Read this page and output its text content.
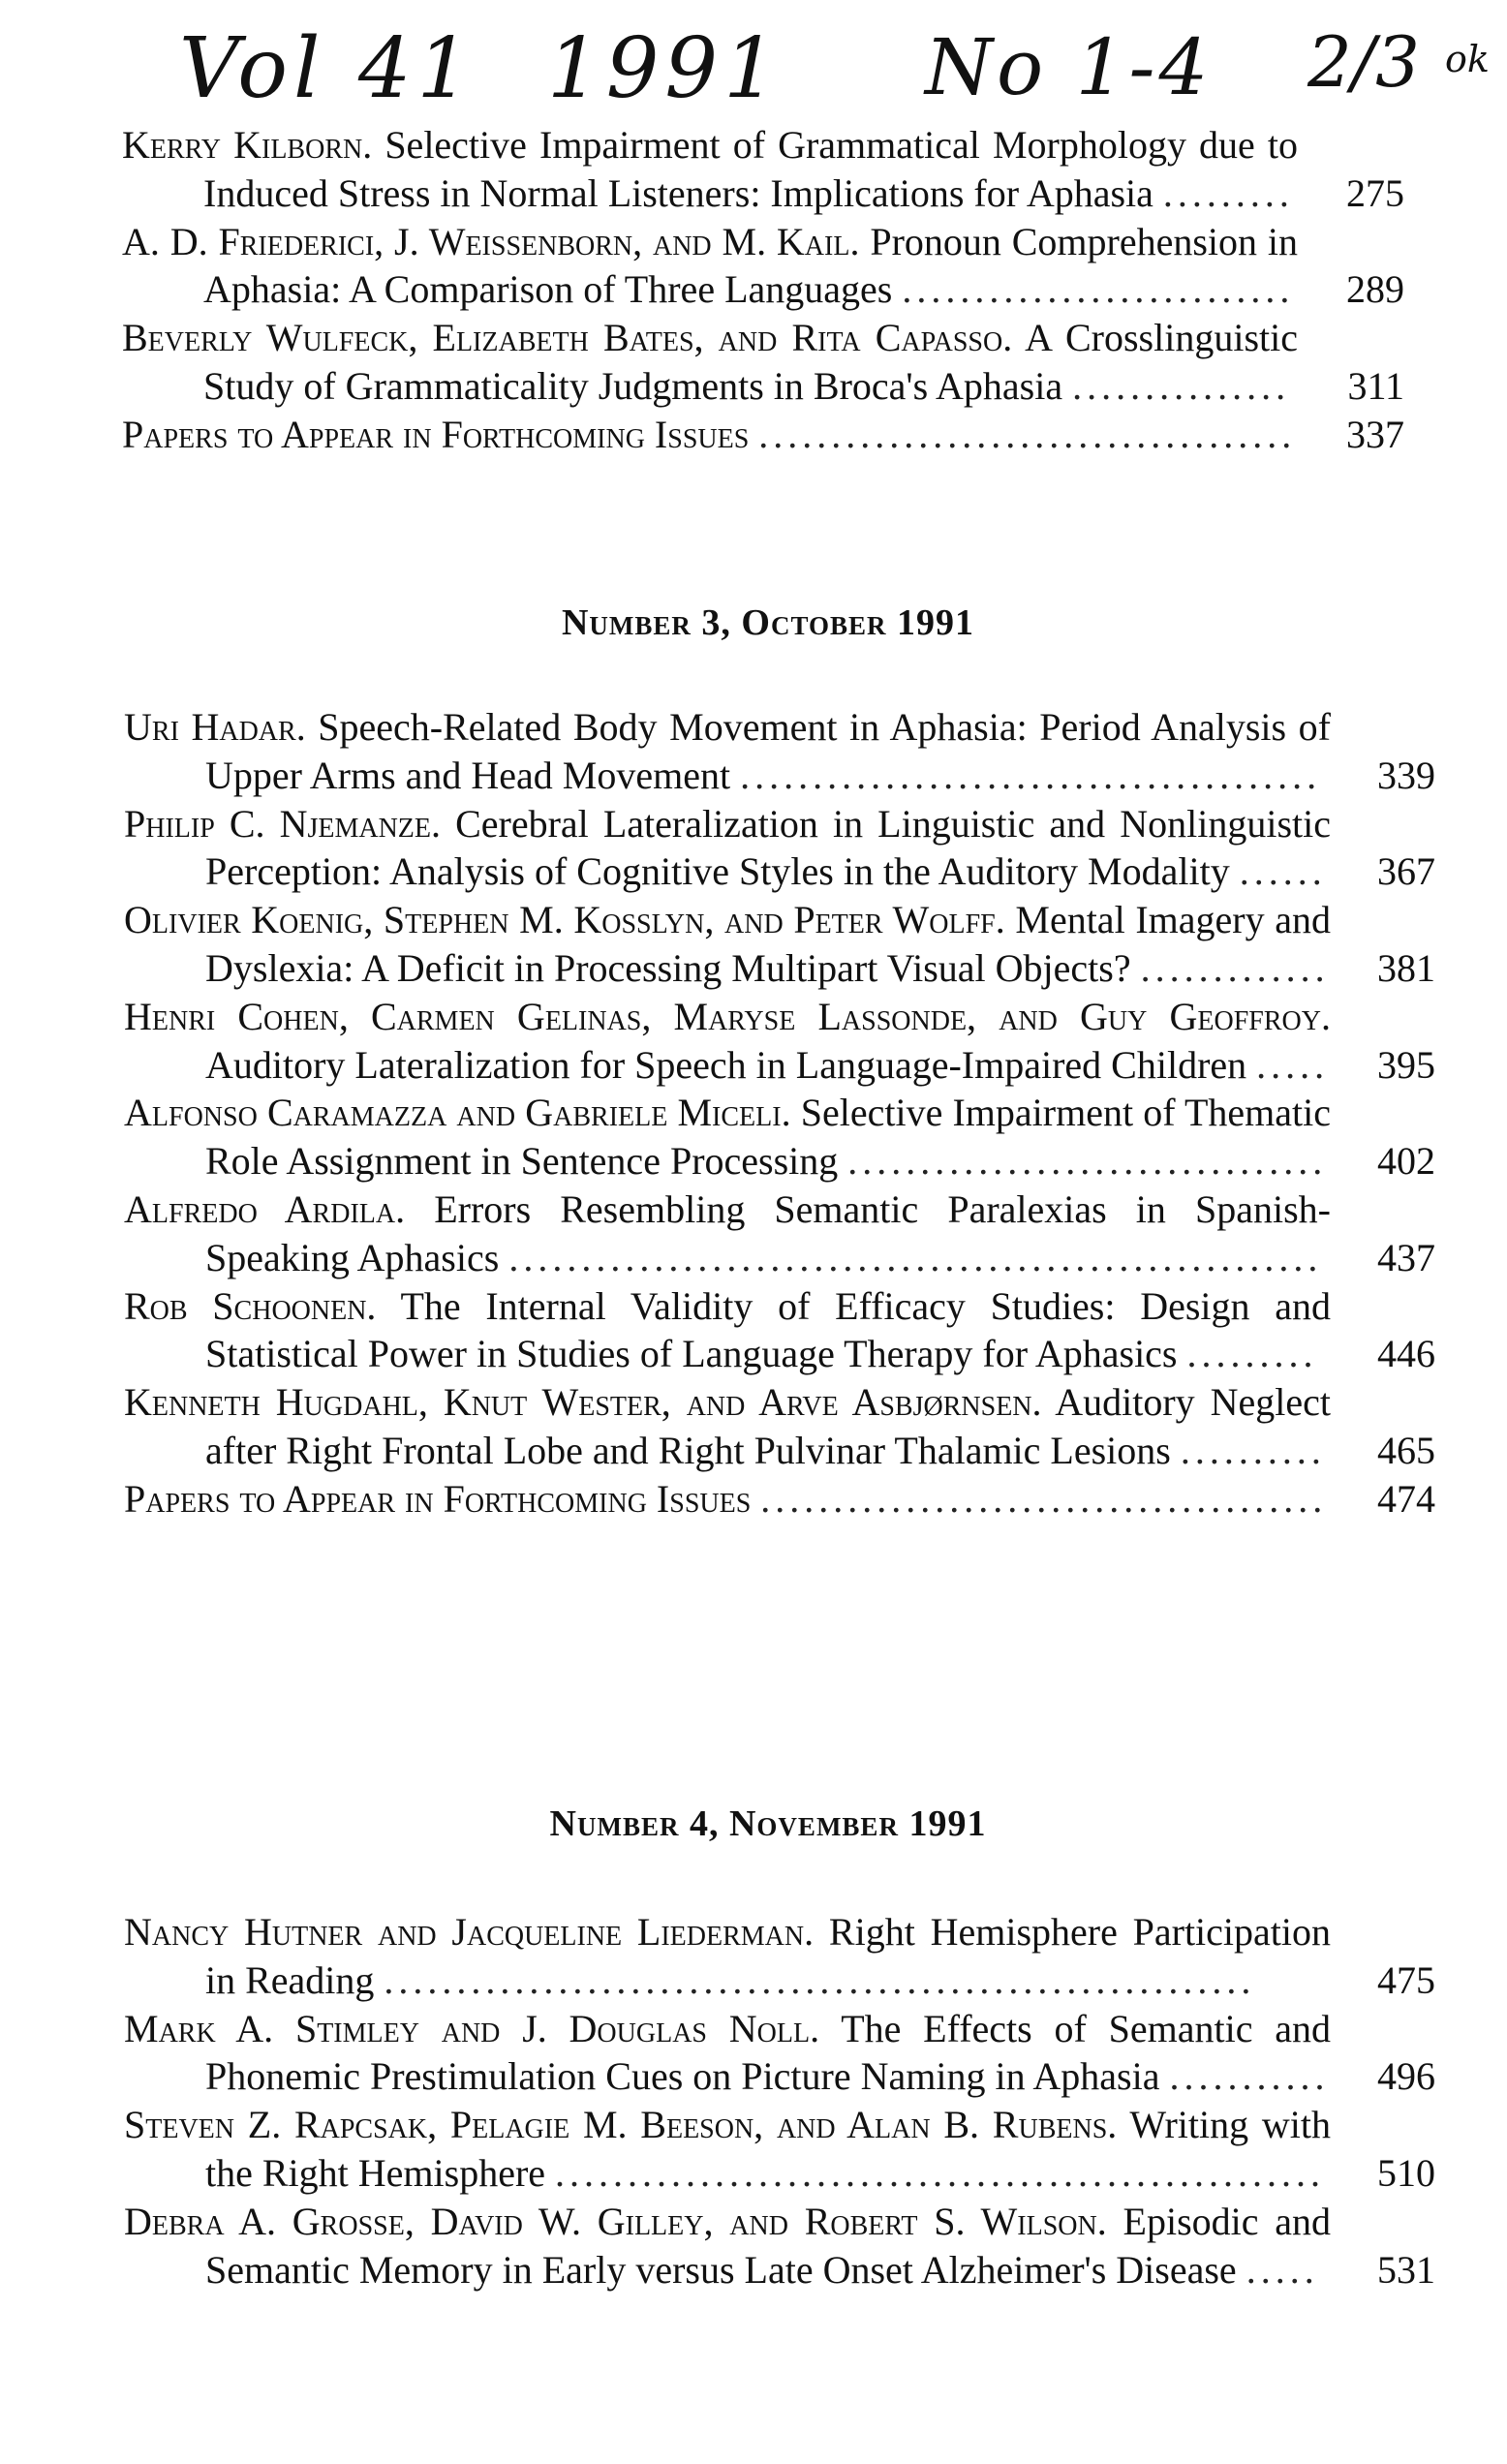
Vol 41 1991 No 1-4 2/3 ok
Kerry Kilborn. Selective Impairment of Grammatical Morphology due to Induced Stress in Normal Listeners: Implications for Aphasia ......... 275
A. D. Friederici, J. Weissenborn, and M. Kail. Pronoun Comprehension in Aphasia: A Comparison of Three Languages ........................... 289
Beverly Wulfeck, Elizabeth Bates, and Rita Capasso. A Crosslinguistic Study of Grammaticality Judgments in Broca's Aphasia ............... 311
Papers to Appear in Forthcoming Issues ..................................... 337
Number 3, October 1991
Uri Hadar. Speech-Related Body Movement in Aphasia: Period Analysis of Upper Arms and Head Movement ........................................ 339
Philip C. Njemanze. Cerebral Lateralization in Linguistic and Nonlinguistic Perception: Analysis of Cognitive Styles in the Auditory Modality ...... 367
Olivier Koenig, Stephen M. Kosslyn, and Peter Wolff. Mental Imagery and Dyslexia: A Deficit in Processing Multipart Visual Objects? ............. 381
Henri Cohen, Carmen Gelinas, Maryse Lassonde, and Guy Geoffroy. Auditory Lateralization for Speech in Language-Impaired Children ..... 395
Alfonso Caramazza and Gabriele Miceli. Selective Impairment of Thematic Role Assignment in Sentence Processing ................................. 402
Alfredo Ardila. Errors Resembling Semantic Paralexias in Spanish-Speaking Aphasics ........................................................ 437
Rob Schoonen. The Internal Validity of Efficacy Studies: Design and Statistical Power in Studies of Language Therapy for Aphasics .........	446
Kenneth Hugdahl, Knut Wester, and Arve Asbjørnsen. Auditory Neglect after Right Frontal Lobe and Right Pulvinar Thalamic Lesions .......... 465
Papers to Appear in Forthcoming Issues ....................................... 474
Number 4, November 1991
Nancy Hutner and Jacqueline Liederman. Right Hemisphere Participation in Reading ............................................................	475
Mark A. Stimley and J. Douglas Noll. The Effects of Semantic and Phonemic Prestimulation Cues on Picture Naming in Aphasia ........... 496
Steven Z. Rapcsak, Pelagie M. Beeson, and Alan B. Rubens. Writing with the Right Hemisphere ..................................................... 510
Debra A. Grosse, David W. Gilley, and Robert S. Wilson. Episodic and Semantic Memory in Early versus Late Onset Alzheimer's Disease .....	531
